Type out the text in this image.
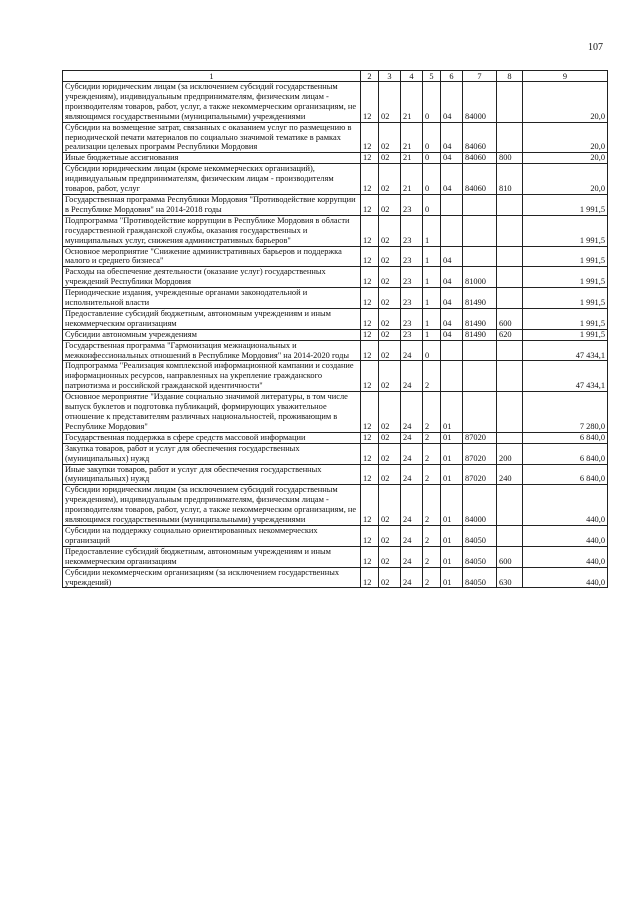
107
1	2	3	4	5	6	7	8	9
Субсидии юридическим лицам (за исключением субсидий государственным учреждениям), индивидуальным предпринимателям, физическим лицам - производителям товаров, работ, услуг, а также некоммерческим организациям, не являющимся государственными (муниципальными) учреждениями	12	02	21	0	04	84000		20,0
Субсидии на возмещение затрат, связанных с оказанием услуг по размещению в периодической печати материалов по социально значимой тематике в рамках реализации целевых программ Республики Мордовия	12	02	21	0	04	84060		20,0
Иные бюджетные ассигнования	12	02	21	0	04	84060	800	20,0
Субсидии юридическим лицам (кроме некоммерческих организаций), индивидуальным предпринимателям, физическим лицам - производителям товаров, работ, услуг	12	02	21	0	04	84060	810	20,0
Государственная программа Республики Мордовия "Противодействие коррупции в Республике Мордовия" на 2014-2018 годы	12	02	23	0				1 991,5
Подпрограмма "Противодействие коррупции в Республике Мордовия в области государственной гражданской службы, оказания государственных и муниципальных услуг, снижения административных барьеров"	12	02	23	1				1 991,5
Основное мероприятие "Снижение административных барьеров и поддержка малого и среднего бизнеса"	12	02	23	1	04			1 991,5
Расходы на обеспечение деятельности (оказание услуг) государственных учреждений Республики Мордовия	12	02	23	1	04	81000		1 991,5
Периодические издания, учрежденные органами законодательной и исполнительной власти	12	02	23	1	04	81490		1 991,5
Предоставление субсидий бюджетным, автономным учреждениям и иным некоммерческим организациям	12	02	23	1	04	81490	600	1 991,5
Субсидии автономным учреждениям	12	02	23	1	04	81490	620	1 991,5
Государственная программа "Гармонизация межнациональных и межконфессиональных отношений в Республике Мордовия" на 2014-2020 годы	12	02	24	0				47 434,1
Подпрограмма "Реализация комплексной информационной кампании и создание информационных ресурсов, направленных на укрепление гражданского патриотизма и российской гражданской идентичности"	12	02	24	2				47 434,1
Основное мероприятие "Издание социально значимой литературы, в том числе выпуск буклетов и подготовка публикаций, формирующих уважительное отношение к представителям различных национальностей, проживающим в Республике Мордовия"	12	02	24	2	01			7 280,0
Государственная поддержка в сфере средств массовой информации	12	02	24	2	01	87020		6 840,0
Закупка товаров, работ и услуг для обеспечения государственных (муниципальных) нужд	12	02	24	2	01	87020	200	6 840,0
Иные закупки товаров, работ и услуг для обеспечения государственных (муниципальных) нужд	12	02	24	2	01	87020	240	6 840,0
Субсидии юридическим лицам (за исключением субсидий государственным учреждениям), индивидуальным предпринимателям, физическим лицам - производителям товаров, работ, услуг, а также некоммерческим организациям, не являющимся государственными (муниципальными) учреждениями	12	02	24	2	01	84000		440,0
Субсидии на поддержку социально ориентированных некоммерческих организаций	12	02	24	2	01	84050		440,0
Предоставление субсидий бюджетным, автономным учреждениям и иным некоммерческим организациям	12	02	24	2	01	84050	600	440,0
Субсидии некоммерческим организациям (за исключением государственных учреждений)	12	02	24	2	01	84050	630	440,0
